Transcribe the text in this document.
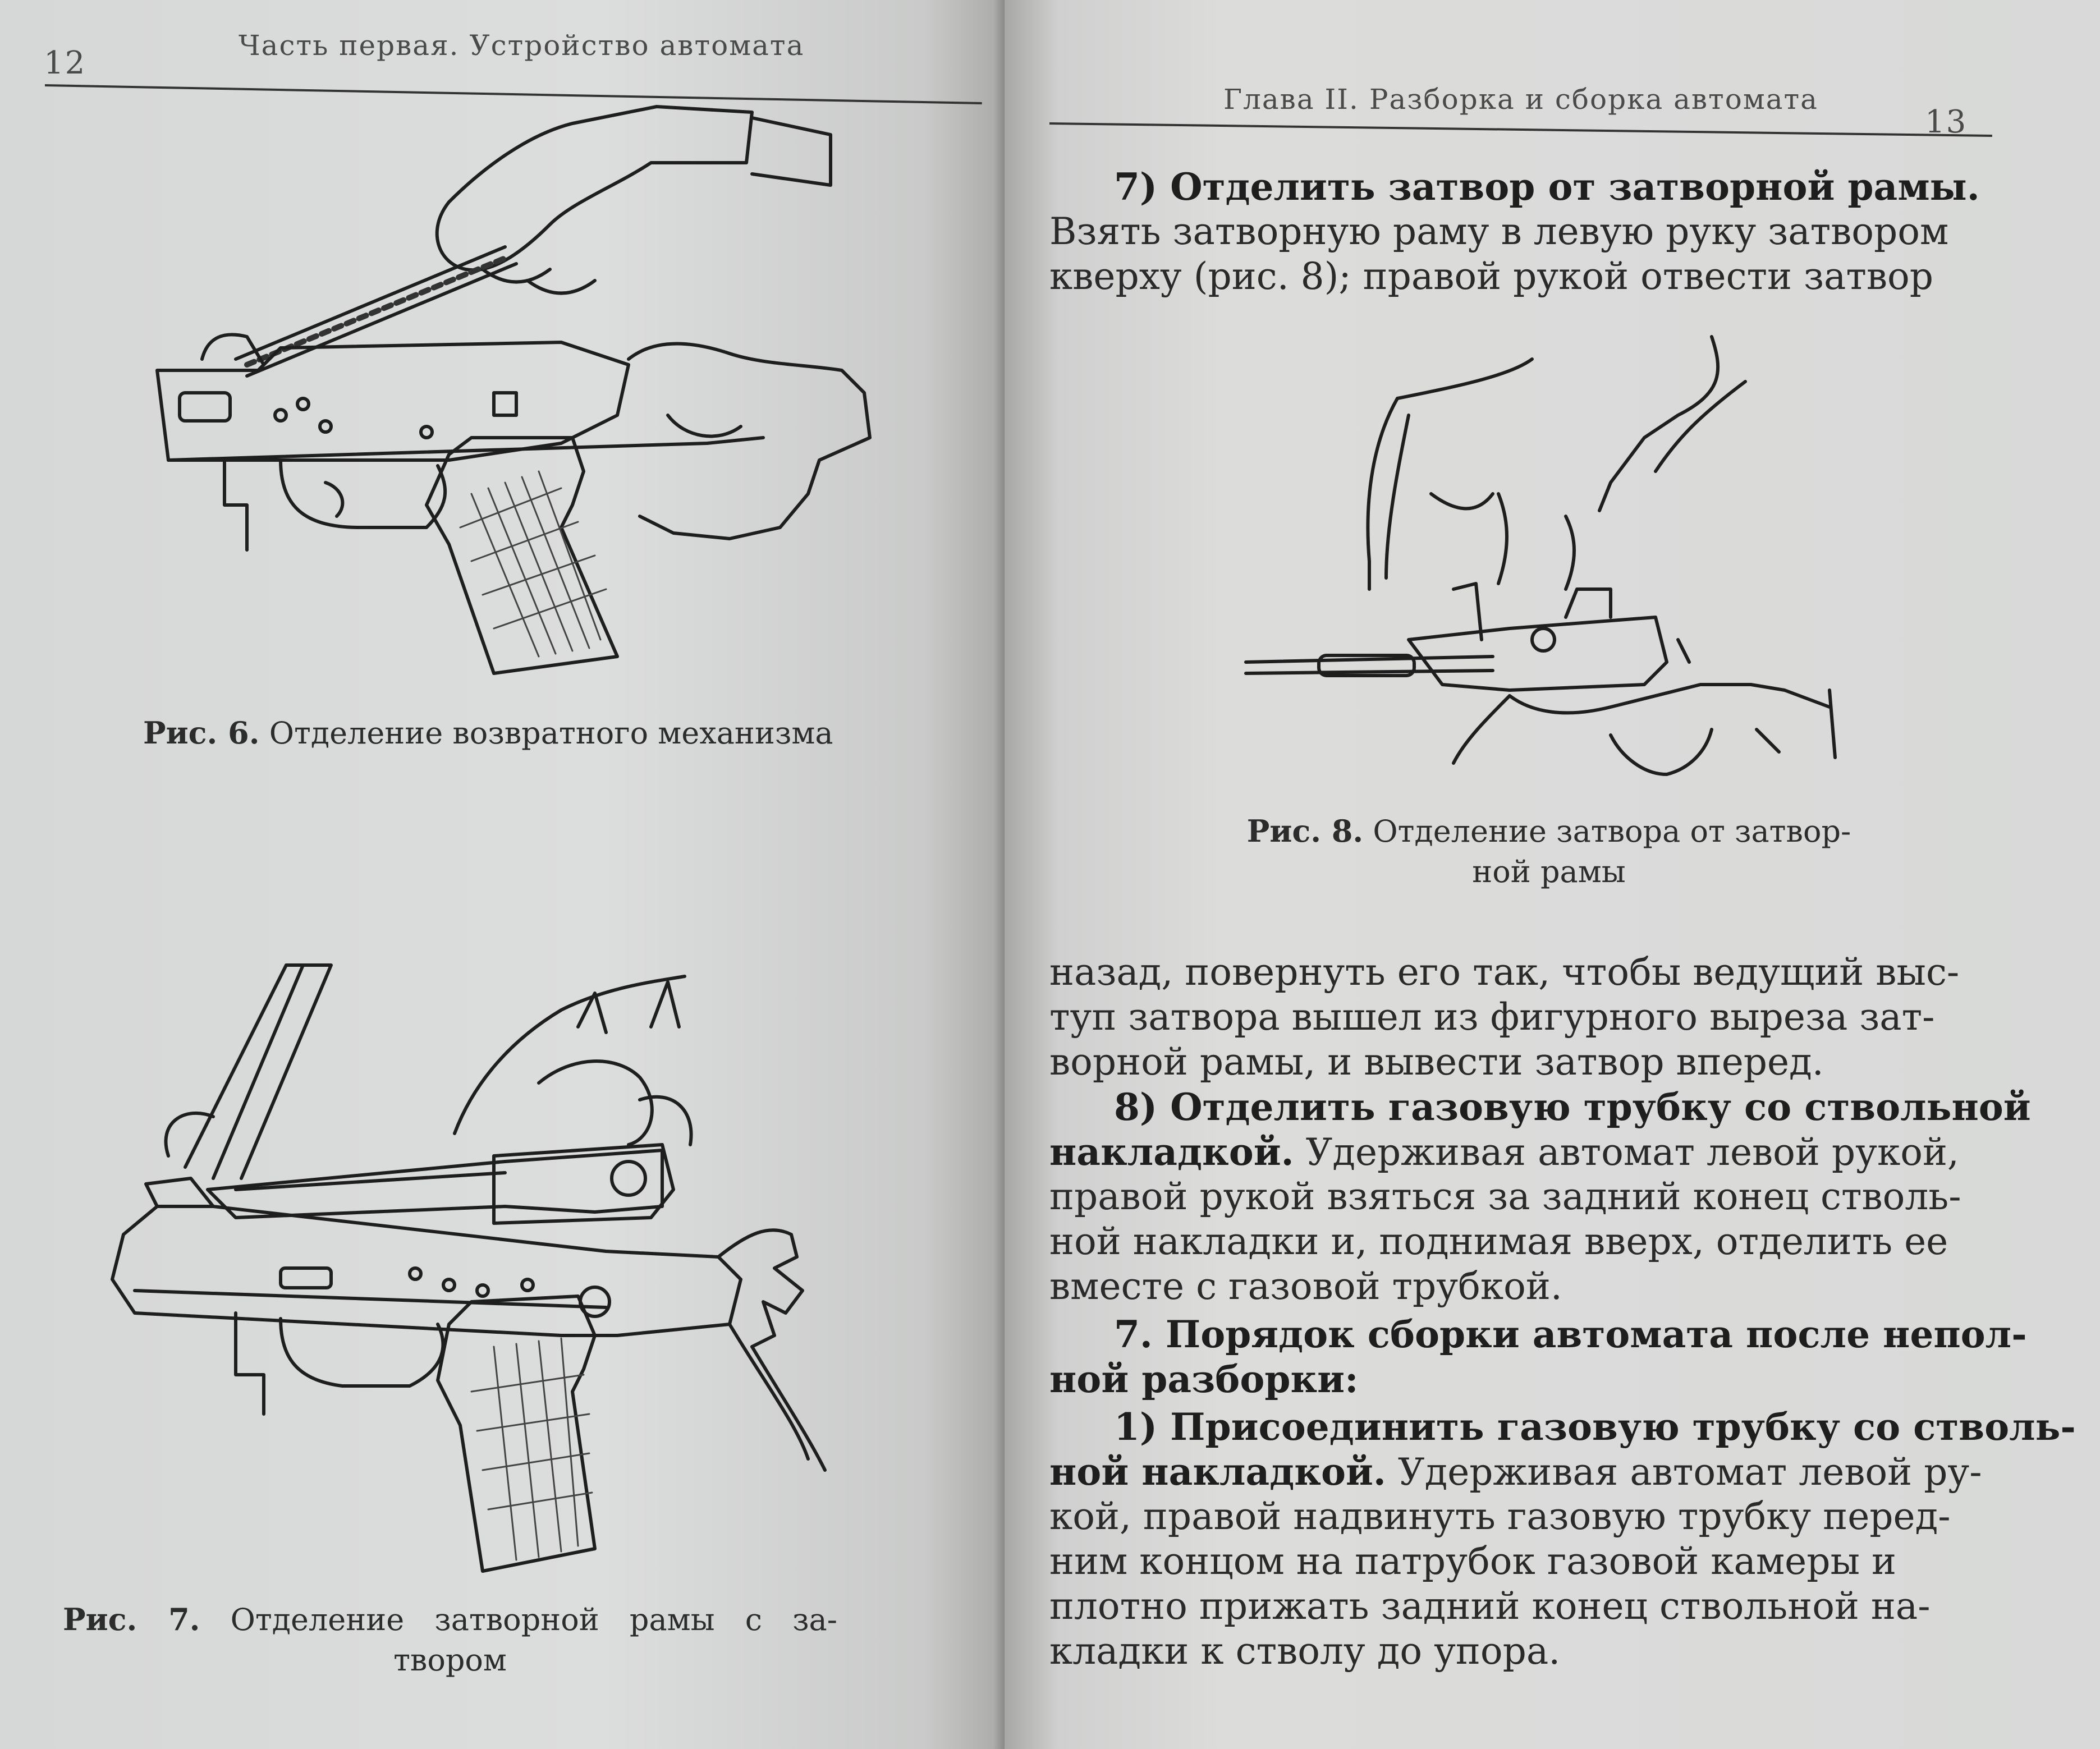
12	Часть первая. Устройство автомата
Рис. 6. Отделение возвратного механизма
Рис. 7. Отделение затворной рамы с за-
твором
Глава II. Разборка и сборка автомата
13
7) Отделить затвор от затворной рамы.
Взять затворную раму в левую руку затвором
кверху (рис. 8); правой рукой отвести затвор
Рис. 8. Отделение затвора от затвор-
ной рамы
назад, повернуть его так, чтобы ведущий выс-
туп затвора вышел из фигурного выреза зат-
ворной рамы, и вывести затвор вперед.
8) Отделить газовую трубку со ствольной
накладкой. Удерживая автомат левой рукой,
правой рукой взяться за задний конец стволь-
ной накладки и, поднимая вверх, отделить ее
вместе с газовой трубкой.
7. Порядок сборки автомата после непол-
ной разборки:
1) Присоединить газовую трубку со стволь-
ной накладкой. Удерживая автомат левой ру-
кой, правой надвинуть газовую трубку перед-
ним концом на патрубок газовой камеры и
плотно прижать задний конец ствольной на-
кладки к стволу до упора.
